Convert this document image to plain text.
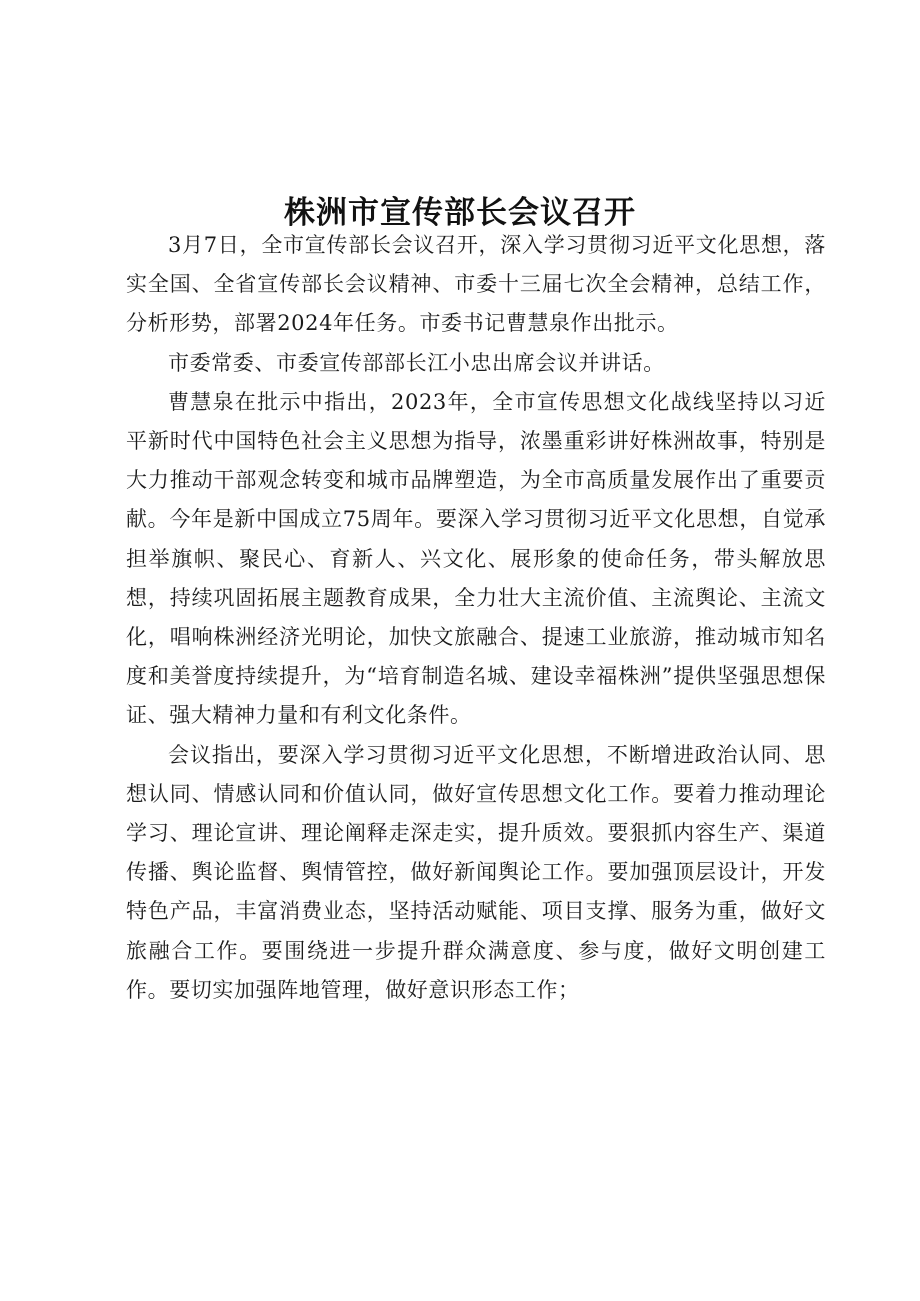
株洲市宣传部长会议召开

3月7日，全市宣传部长会议召开，深入学习贯彻习近平文化思想，落实全国、全省宣传部长会议精神、市委十三届七次全会精神，总结工作，分析形势，部署2024年任务。市委书记曹慧泉作出批示。

市委常委、市委宣传部部长江小忠出席会议并讲话。

曹慧泉在批示中指出，2023年，全市宣传思想文化战线坚持以习近平新时代中国特色社会主义思想为指导，浓墨重彩讲好株洲故事，特别是大力推动干部观念转变和城市品牌塑造，为全市高质量发展作出了重要贡献。今年是新中国成立75周年。要深入学习贯彻习近平文化思想，自觉承担举旗帜、聚民心、育新人、兴文化、展形象的使命任务，带头解放思想，持续巩固拓展主题教育成果，全力壮大主流价值、主流舆论、主流文化，唱响株洲经济光明论，加快文旅融合、提速工业旅游，推动城市知名度和美誉度持续提升，为“培育制造名城、建设幸福株洲”提供坚强思想保证、强大精神力量和有利文化条件。

会议指出，要深入学习贯彻习近平文化思想，不断增进政治认同、思想认同、情感认同和价值认同，做好宣传思想文化工作。要着力推动理论学习、理论宣讲、理论阐释走深走实，提升质效。要狠抓内容生产、渠道传播、舆论监督、舆情管控，做好新闻舆论工作。要加强顶层设计，开发特色产品，丰富消费业态，坚持活动赋能、项目支撑、服务为重，做好文旅融合工作。要围绕进一步提升群众满意度、参与度，做好文明创建工作。要切实加强阵地管理，做好意识形态工作；
